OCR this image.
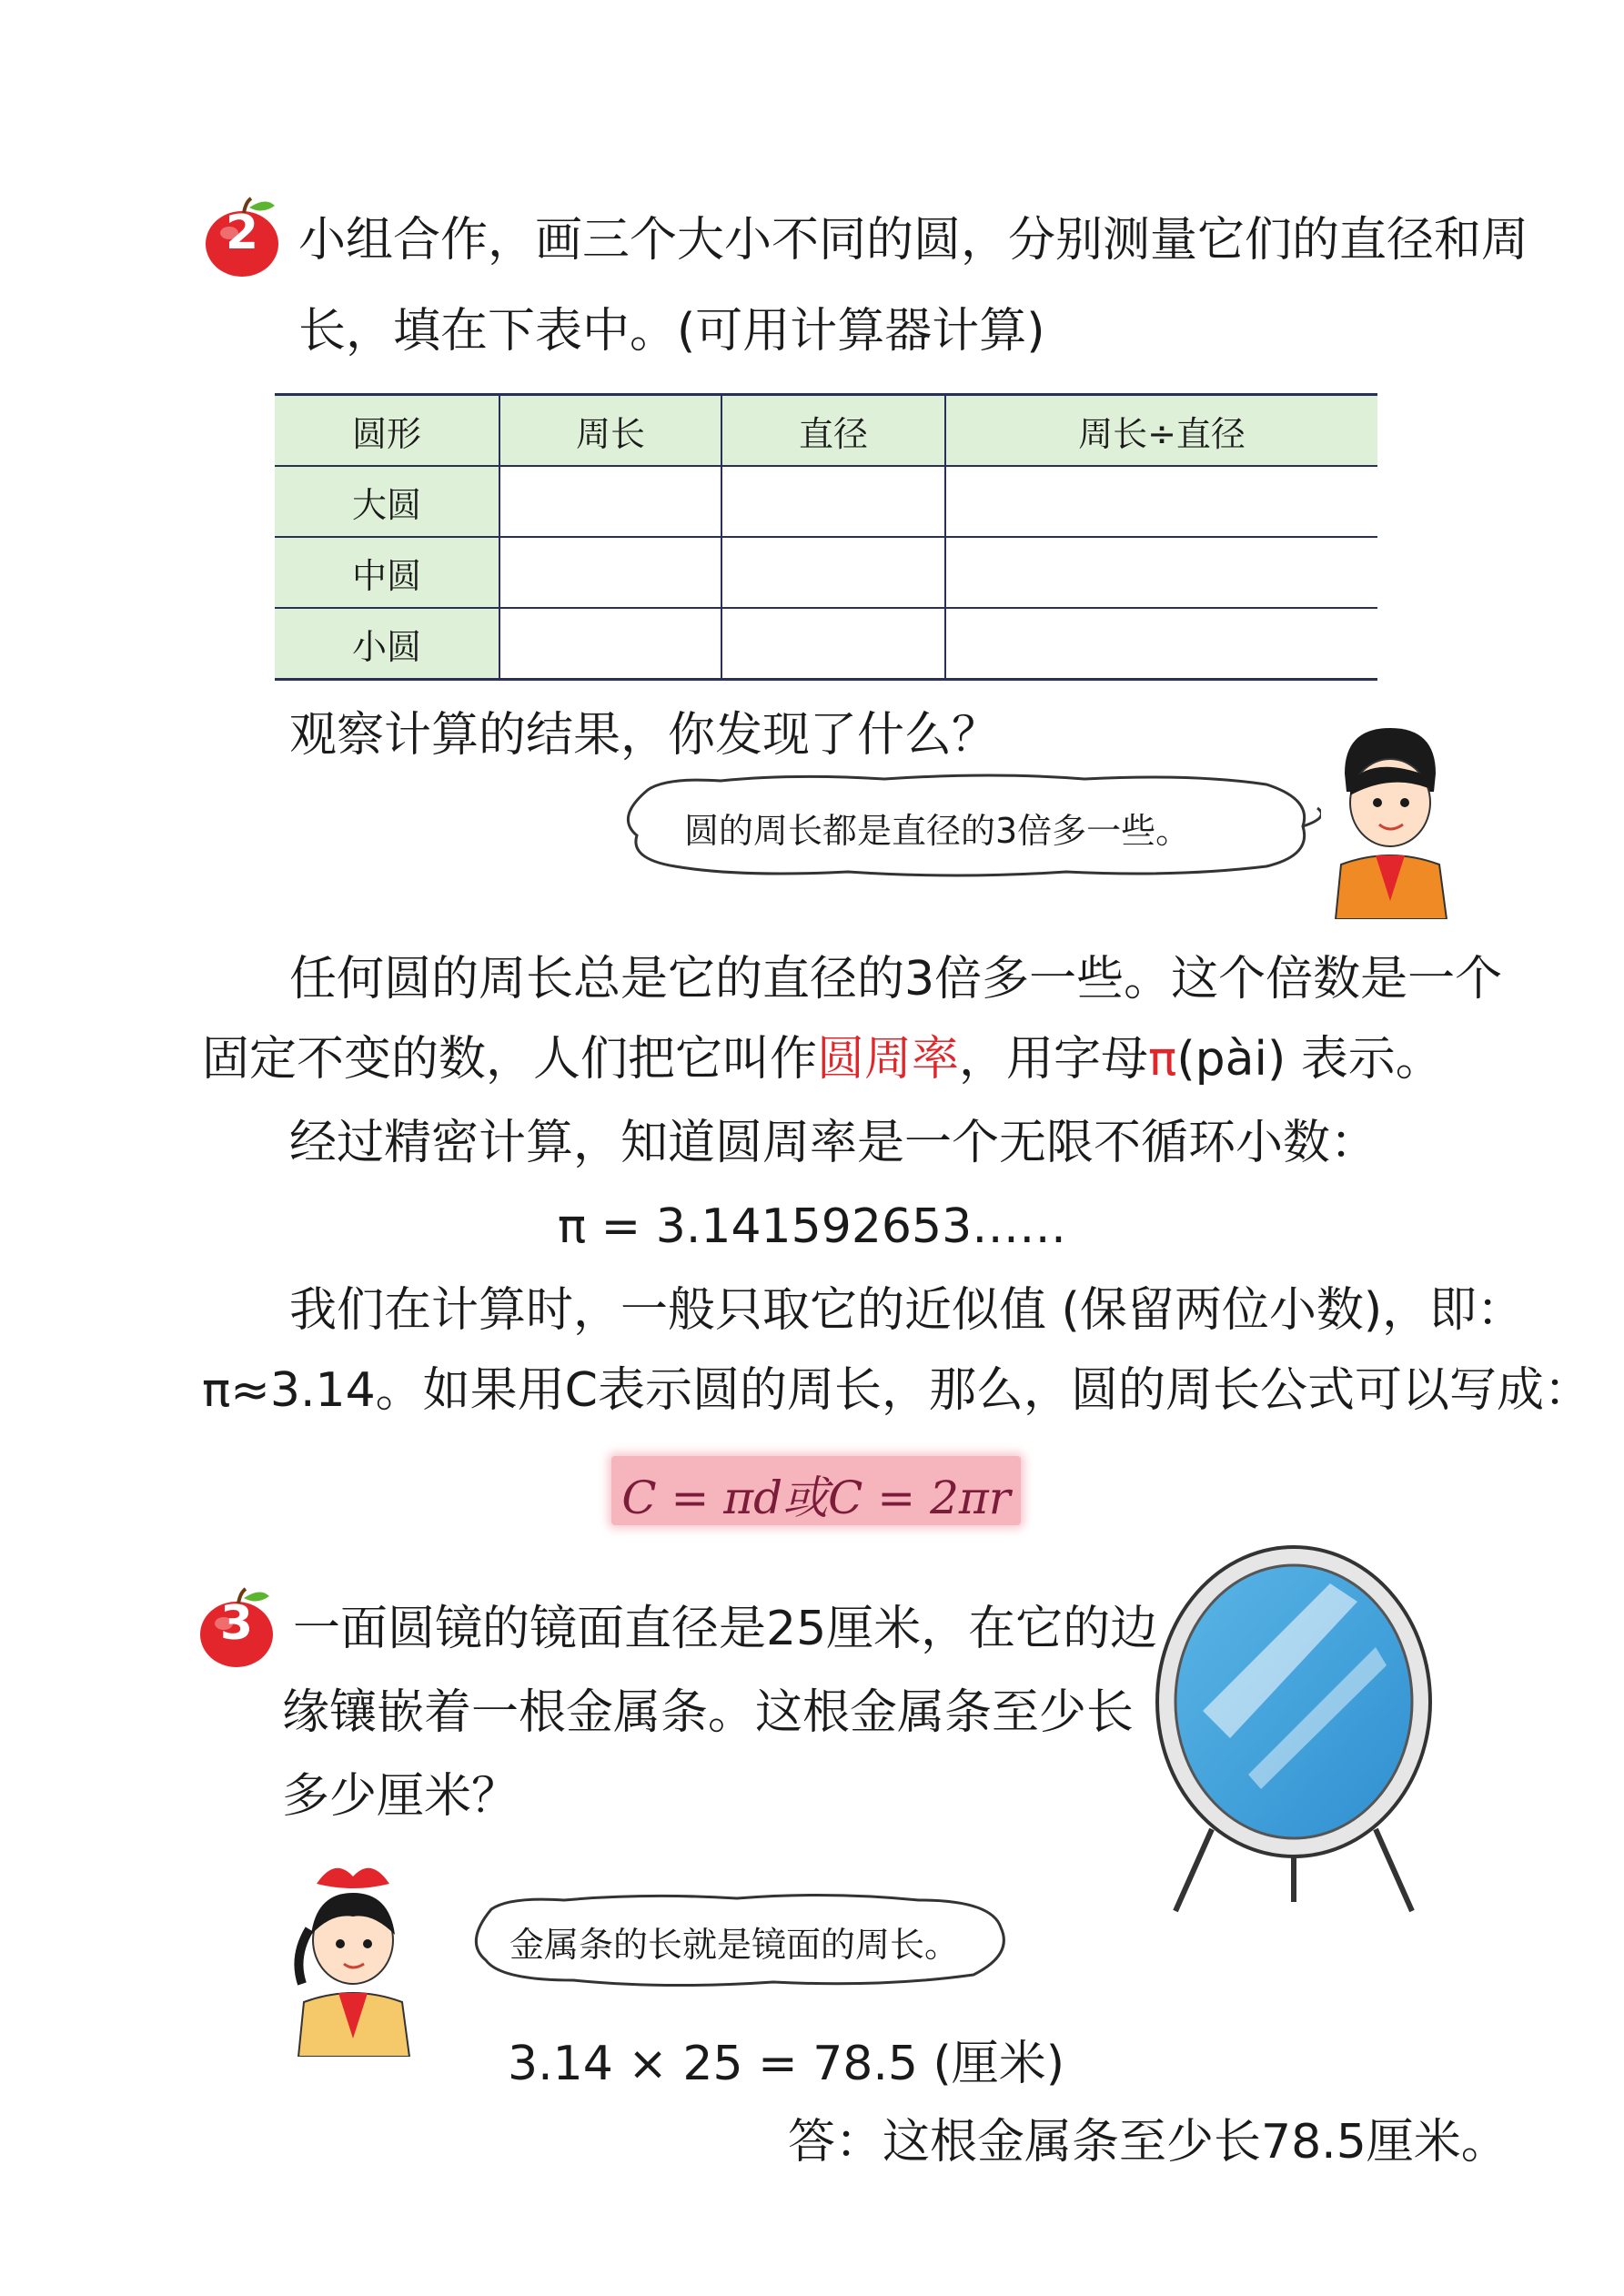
2 小组合作，画三个大小不同的圆，分别测量它们的直径和周
长，填在下表中。(可用计算器计算)
圆形	周长	直径	周长÷直径
大圆			
中圆			
小圆			
观察计算的结果，你发现了什么？
圆的周长都是直径的3倍多一些。
任何圆的周长总是它的直径的3倍多一些。这个倍数是一个
固定不变的数，人们把它叫作圆周率，用字母π(pài) 表示。
经过精密计算，知道圆周率是一个无限不循环小数：
π = 3.141592653……
我们在计算时，一般只取它的近似值 (保留两位小数)，即：
π≈3.14。如果用C表示圆的周长，那么，圆的周长公式可以写成：
C = πd或C = 2πr
3 一面圆镜的镜面直径是25厘米，在它的边
缘镶嵌着一根金属条。这根金属条至少长
多少厘米？
金属条的长就是镜面的周长。
3.14 × 25 = 78.5 (厘米)
答：这根金属条至少长78.5厘米。
